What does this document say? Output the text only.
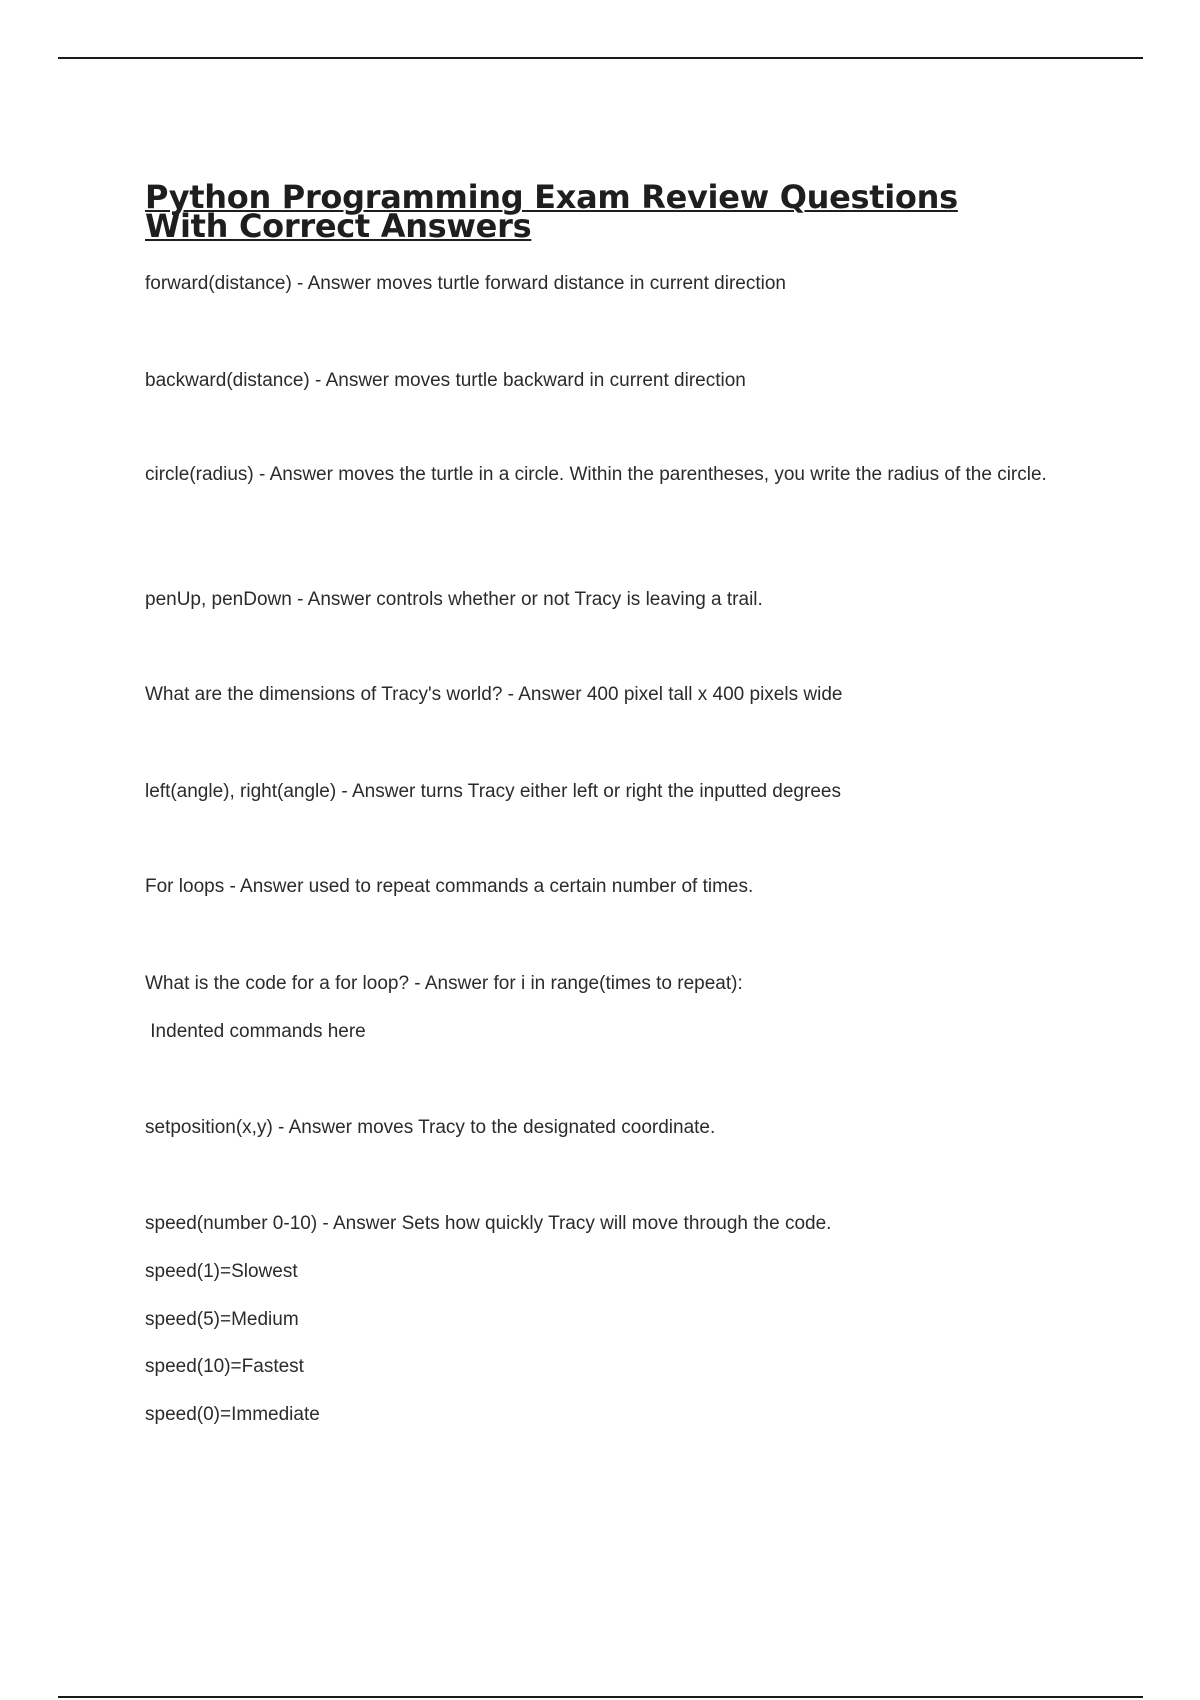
Python Programming Exam Review Questions With Correct Answers

forward(distance) - Answer moves turtle forward distance in current direction

backward(distance) - Answer moves turtle backward in current direction

circle(radius) - Answer moves the turtle in a circle. Within the parentheses, you write the radius of the circle.

penUp, penDown - Answer controls whether or not Tracy is leaving a trail.

What are the dimensions of Tracy's world? - Answer 400 pixel tall x 400 pixels wide

left(angle), right(angle) - Answer turns Tracy either left or right the inputted degrees

For loops - Answer used to repeat commands a certain number of times.

What is the code for a for loop? - Answer for i in range(times to repeat):

Indented commands here

setposition(x,y) - Answer moves Tracy to the designated coordinate.

speed(number 0-10) - Answer Sets how quickly Tracy will move through the code.

speed(1)=Slowest

speed(5)=Medium

speed(10)=Fastest

speed(0)=Immediate
